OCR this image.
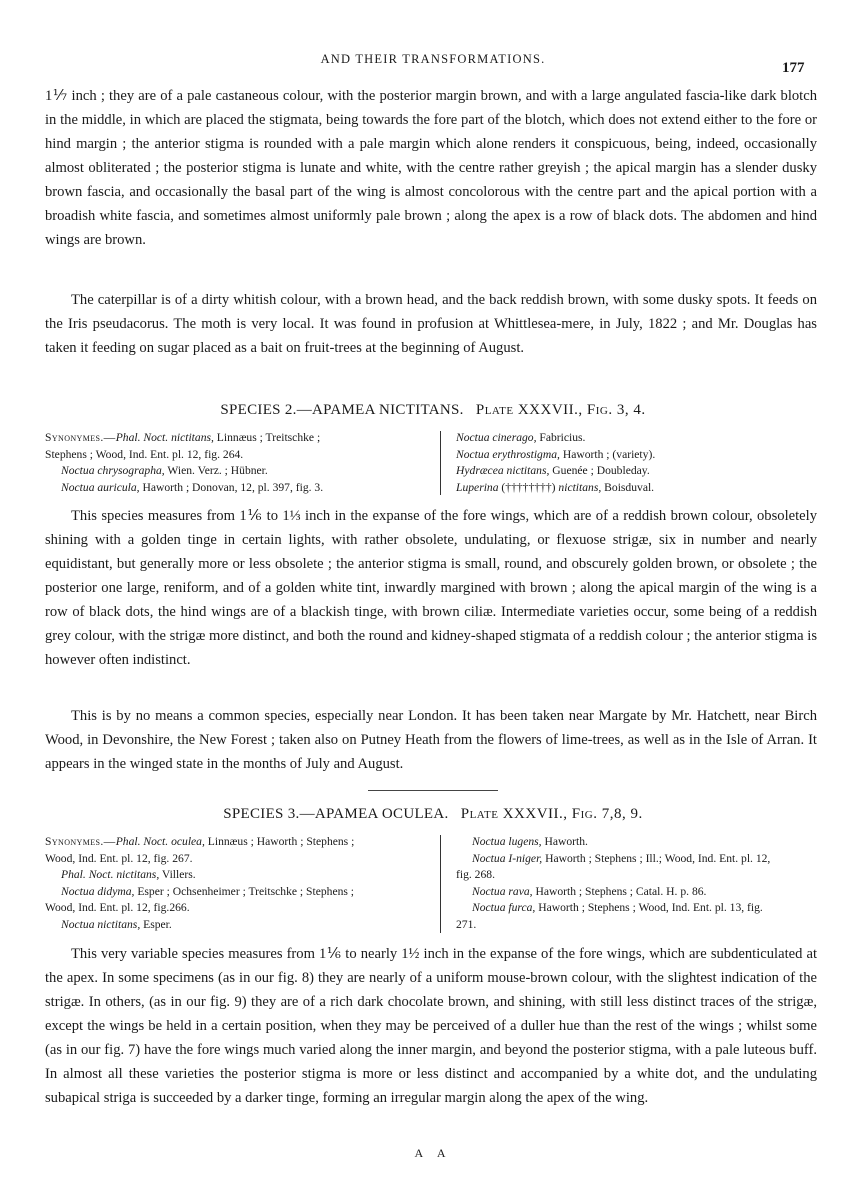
AND THEIR TRANSFORMATIONS.
177

1⅐ inch ; they are of a pale castaneous colour, with the posterior margin brown, and with a large angulated fascia-like dark blotch in the middle, in which are placed the stigmata, being towards the fore part of the blotch, which does not extend either to the fore or hind margin ; the anterior stigma is rounded with a pale margin which alone renders it conspicuous, being, indeed, occasionally almost obliterated ; the posterior stigma is lunate and white, with the centre rather greyish ; the apical margin has a slender dusky brown fascia, and occasionally the basal part of the wing is almost concolorous with the centre part and the apical portion with a broadish white fascia, and sometimes almost uniformly pale brown ; along the apex is a row of black dots. The abdomen and hind wings are brown.

The caterpillar is of a dirty whitish colour, with a brown head, and the back reddish brown, with some dusky spots. It feeds on the Iris pseudacorus. The moth is very local. It was found in profusion at Whittlesea-mere, in July, 1822 ; and Mr. Douglas has taken it feeding on sugar placed as a bait on fruit-trees at the beginning of August.

SPECIES 2.—APAMEA NICTITANS. Plate XXXVII., Fig. 3, 4.

Synonymes.—Phal. Noct. nictitans, Linnæus ; Treitschke ;
Stephens ; Wood, Ind. Ent. pl. 12, fig. 264.
Noctua chrysographa, Wien. Verz. ; Hübner.
Noctua auricula, Haworth ; Donovan, 12, pl. 397, fig. 3.
Noctua cinerago, Fabricius.
Noctua erythrostigma, Haworth ; (variety).
Hydræcea nictitans, Guenée ; Doubleday.
Luperina (††††††††) nictitans, Boisduval.

This species measures from 1⅙ to 1⅓ inch in the expanse of the fore wings, which are of a reddish brown colour, obsoletely shining with a golden tinge in certain lights, with rather obsolete, undulating, or flexuose strigæ, six in number and nearly equidistant, but generally more or less obsolete ; the anterior stigma is small, round, and obscurely golden brown, or obsolete ; the posterior one large, reniform, and of a golden white tint, inwardly margined with brown ; along the apical margin of the wing is a row of black dots, the hind wings are of a blackish tinge, with brown ciliæ. Intermediate varieties occur, some being of a reddish grey colour, with the strigæ more distinct, and both the round and kidney-shaped stigmata of a reddish colour ; the anterior stigma is however often indistinct.

This is by no means a common species, especially near London. It has been taken near Margate by Mr. Hatchett, near Birch Wood, in Devonshire, the New Forest ; taken also on Putney Heath from the flowers of lime-trees, as well as in the Isle of Arran. It appears in the winged state in the months of July and August.

SPECIES 3.—APAMEA OCULEA. Plate XXXVII., Fig. 7,8, 9.

Synonymes.—Phal. Noct. oculea, Linnæus ; Haworth ; Stephens ;
Wood, Ind. Ent. pl. 12, fig. 267.
Phal. Noct. nictitans, Villers.
Noctua didyma, Esper ; Ochsenheimer ; Treitschke ; Stephens ;
Wood, Ind. Ent. pl. 12, fig.266.
Noctua nictitans, Esper.
Noctua lugens, Haworth.
Noctua I-niger, Haworth ; Stephens ; Ill.; Wood, Ind. Ent. pl. 12,
fig. 268.
Noctua rava, Haworth ; Stephens ; Catal. H. p. 86.
Noctua furca, Haworth ; Stephens ; Wood, Ind. Ent. pl. 13, fig.
271.

This very variable species measures from 1⅙ to nearly 1½ inch in the expanse of the fore wings, which are subdenticulated at the apex. In some specimens (as in our fig. 8) they are nearly of a uniform mouse-brown colour, with the slightest indication of the strigæ. In others, (as in our fig. 9) they are of a rich dark chocolate brown, and shining, with still less distinct traces of the strigæ, except the wings be held in a certain position, when they may be perceived of a duller hue than the rest of the wings ; whilst some (as in our fig. 7) have the fore wings much varied along the inner margin, and beyond the posterior stigma, with a pale luteous buff. In almost all these varieties the posterior stigma is more or less distinct and accompanied by a white dot, and the undulating subapical striga is succeeded by a darker tinge, forming an irregular margin along the apex of the wing.

A A
